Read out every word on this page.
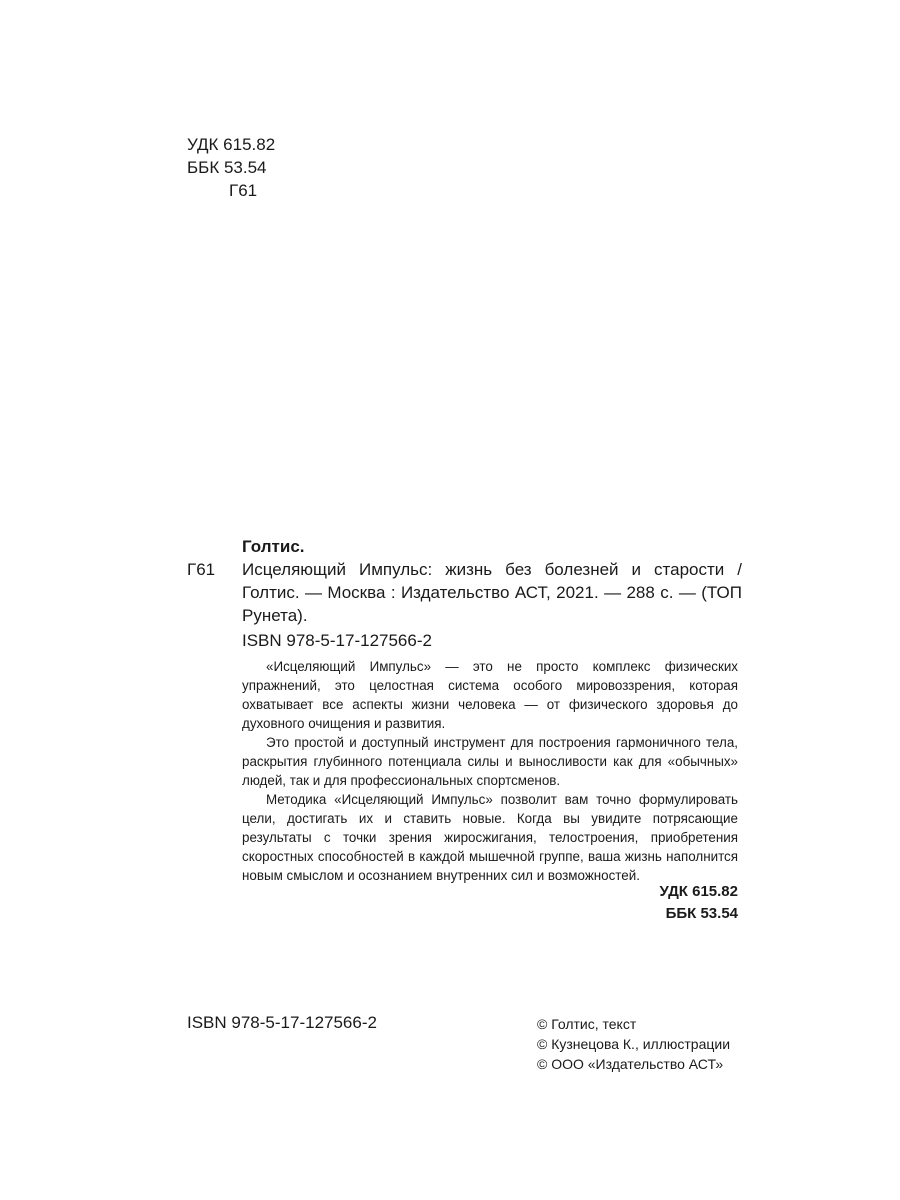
УДК 615.82
ББК 53.54
Г61
Голтис.
Г61 Исцеляющий Импульс: жизнь без болезней и старости / Голтис. — Москва : Издательство АСТ, 2021. — 288 с. — (ТОП Рунета).
ISBN 978-5-17-127566-2

«Исцеляющий Импульс» — это не просто комплекс физических упражнений, это целостная система особого мировоззрения, которая охватывает все аспекты жизни человека — от физического здоровья до духовного очищения и развития.

Это простой и доступный инструмент для построения гармоничного тела, раскрытия глубинного потенциала силы и выносливости как для «обычных» людей, так и для профессиональных спортсменов.

Методика «Исцеляющий Импульс» позволит вам точно формулировать цели, достигать их и ставить новые. Когда вы увидите потрясающие результаты с точки зрения жиросжигания, телостроения, приобретения скоростных способностей в каждой мышечной группе, ваша жизнь наполнится новым смыслом и осознанием внутренних сил и возможностей.

УДК 615.82
ББК 53.54
ISBN 978-5-17-127566-2	© Голтис, текст
© Кузнецова К., иллюстрации
© ООО «Издательство АСТ»
